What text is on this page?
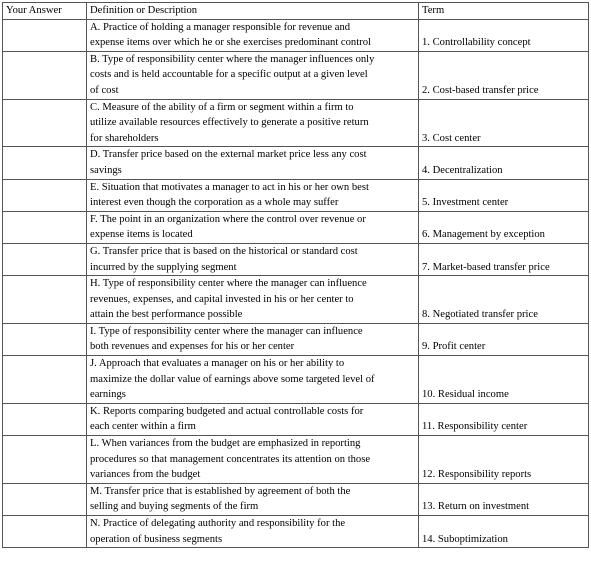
Your Answer	Definition or Description	Term
	A. Practice of holding a manager responsible for revenue and
expense items over which he or she exercises predominant control	1. Controllability concept
	B. Type of responsibility center where the manager influences only
costs and is held accountable for a specific output at a given level
of cost	2. Cost-based transfer price
	C. Measure of the ability of a firm or segment within a firm to
utilize available resources effectively to generate a positive return
for shareholders	3. Cost center
	D. Transfer price based on the external market price less any cost
savings	4. Decentralization
	E. Situation that motivates a manager to act in his or her own best
interest even though the corporation as a whole may suffer	5. Investment center
	F. The point in an organization where the control over revenue or
expense items is located	6. Management by exception
	G. Transfer price that is based on the historical or standard cost
incurred by the supplying segment	7. Market-based transfer price
	H. Type of responsibility center where the manager can influence
revenues, expenses, and capital invested in his or her center to
attain the best performance possible	8. Negotiated transfer price
	I. Type of responsibility center where the manager can influence
both revenues and expenses for his or her center	9. Profit center
	J. Approach that evaluates a manager on his or her ability to
maximize the dollar value of earnings above some targeted level of
earnings	10. Residual income
	K. Reports comparing budgeted and actual controllable costs for
each center within a firm	11. Responsibility center
	L. When variances from the budget are emphasized in reporting
procedures so that management concentrates its attention on those
variances from the budget	12. Responsibility reports
	M. Transfer price that is established by agreement of both the
selling and buying segments of the firm	13. Return on investment
	N. Practice of delegating authority and responsibility for the
operation of business segments	14. Suboptimization
